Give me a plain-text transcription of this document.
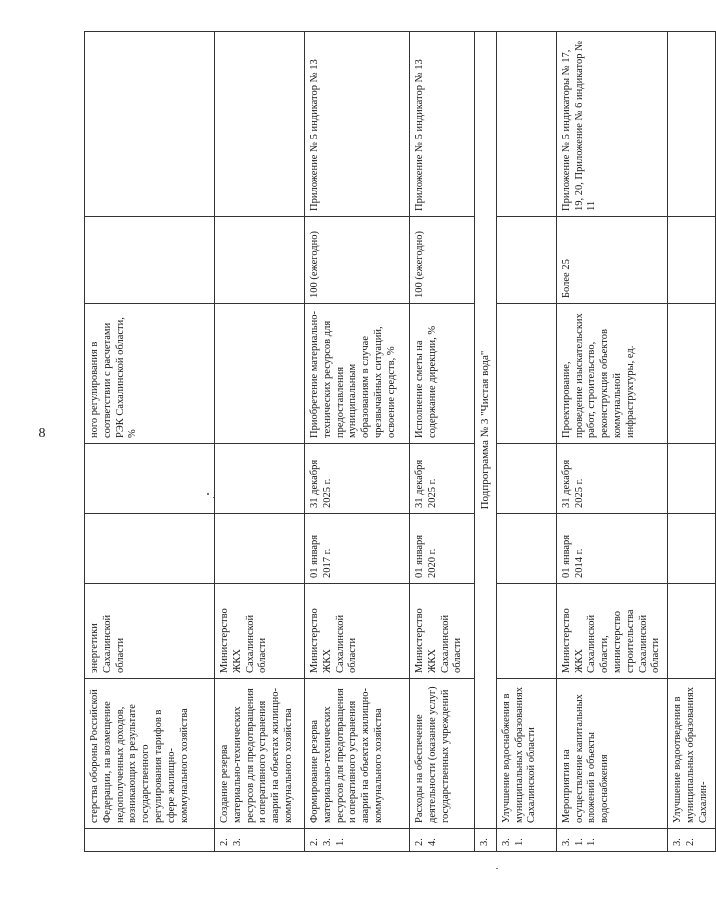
8
	стерства обороны Российской Федерации, на возмещение недополученных доходов, возникающих в результате государственного регулирования тарифов в сфере жилищно-коммунального хозяйства	энергетики Сахалинской области			ного регулирования в соответствии с расчетами РЭК Сахалинской области, %		
2.3.	Создание резерва материально-технических ресурсов для предотвращения и оперативного устранения аварий на объектах жилищно-коммунального хозяйства	Министерство ЖКХ Сахалинской области					
2.3.1.	Формирование резерва материально-технических ресурсов для предотвращения и оперативного устранения аварий на объектах жилищно-коммунального хозяйства	Министерство ЖКХ Сахалинской области	01 января 2017 г.	31 декабря 2025 г.	Приобретение материально-технических ресурсов для предоставления муниципальным образованиям в случае чрезвычайных ситуаций, освоение средств, %	100 (ежегодно)	Приложение № 5 индикатор № 13
2.4.	Расходы на обеспечение деятельности (оказание услуг) государственных учреждений	Министерство ЖКХ Сахалинской области	01 января 2020 г.	31 декабря 2025 г.	Исполнение сметы на содержание дирекции, %	100 (ежегодно)	Приложение № 5 индикатор № 13
3.	Подпрограмма № 3 "Чистая вода"						
3.1.	Улучшение водоснабжения в муниципальных образованиях Сахалинской области						
3.1.1.	Мероприятия на осуществление капитальных вложений в объекты водоснабжения	Министерство ЖКХ Сахалинской области, министерство строительства Сахалинской области	01 января 2014 г.	31 декабря 2025 г.	Проектирование, проведение изыскательских работ, строительство, реконструкция объектов коммунальной инфраструктуры, ед.	Более 25	Приложение № 5 индикаторы № 17, 19, 20, Приложение № 6 индикатор № 11
3.2.	Улучшение водоотведения в муниципальных образованиях Сахалин-						
